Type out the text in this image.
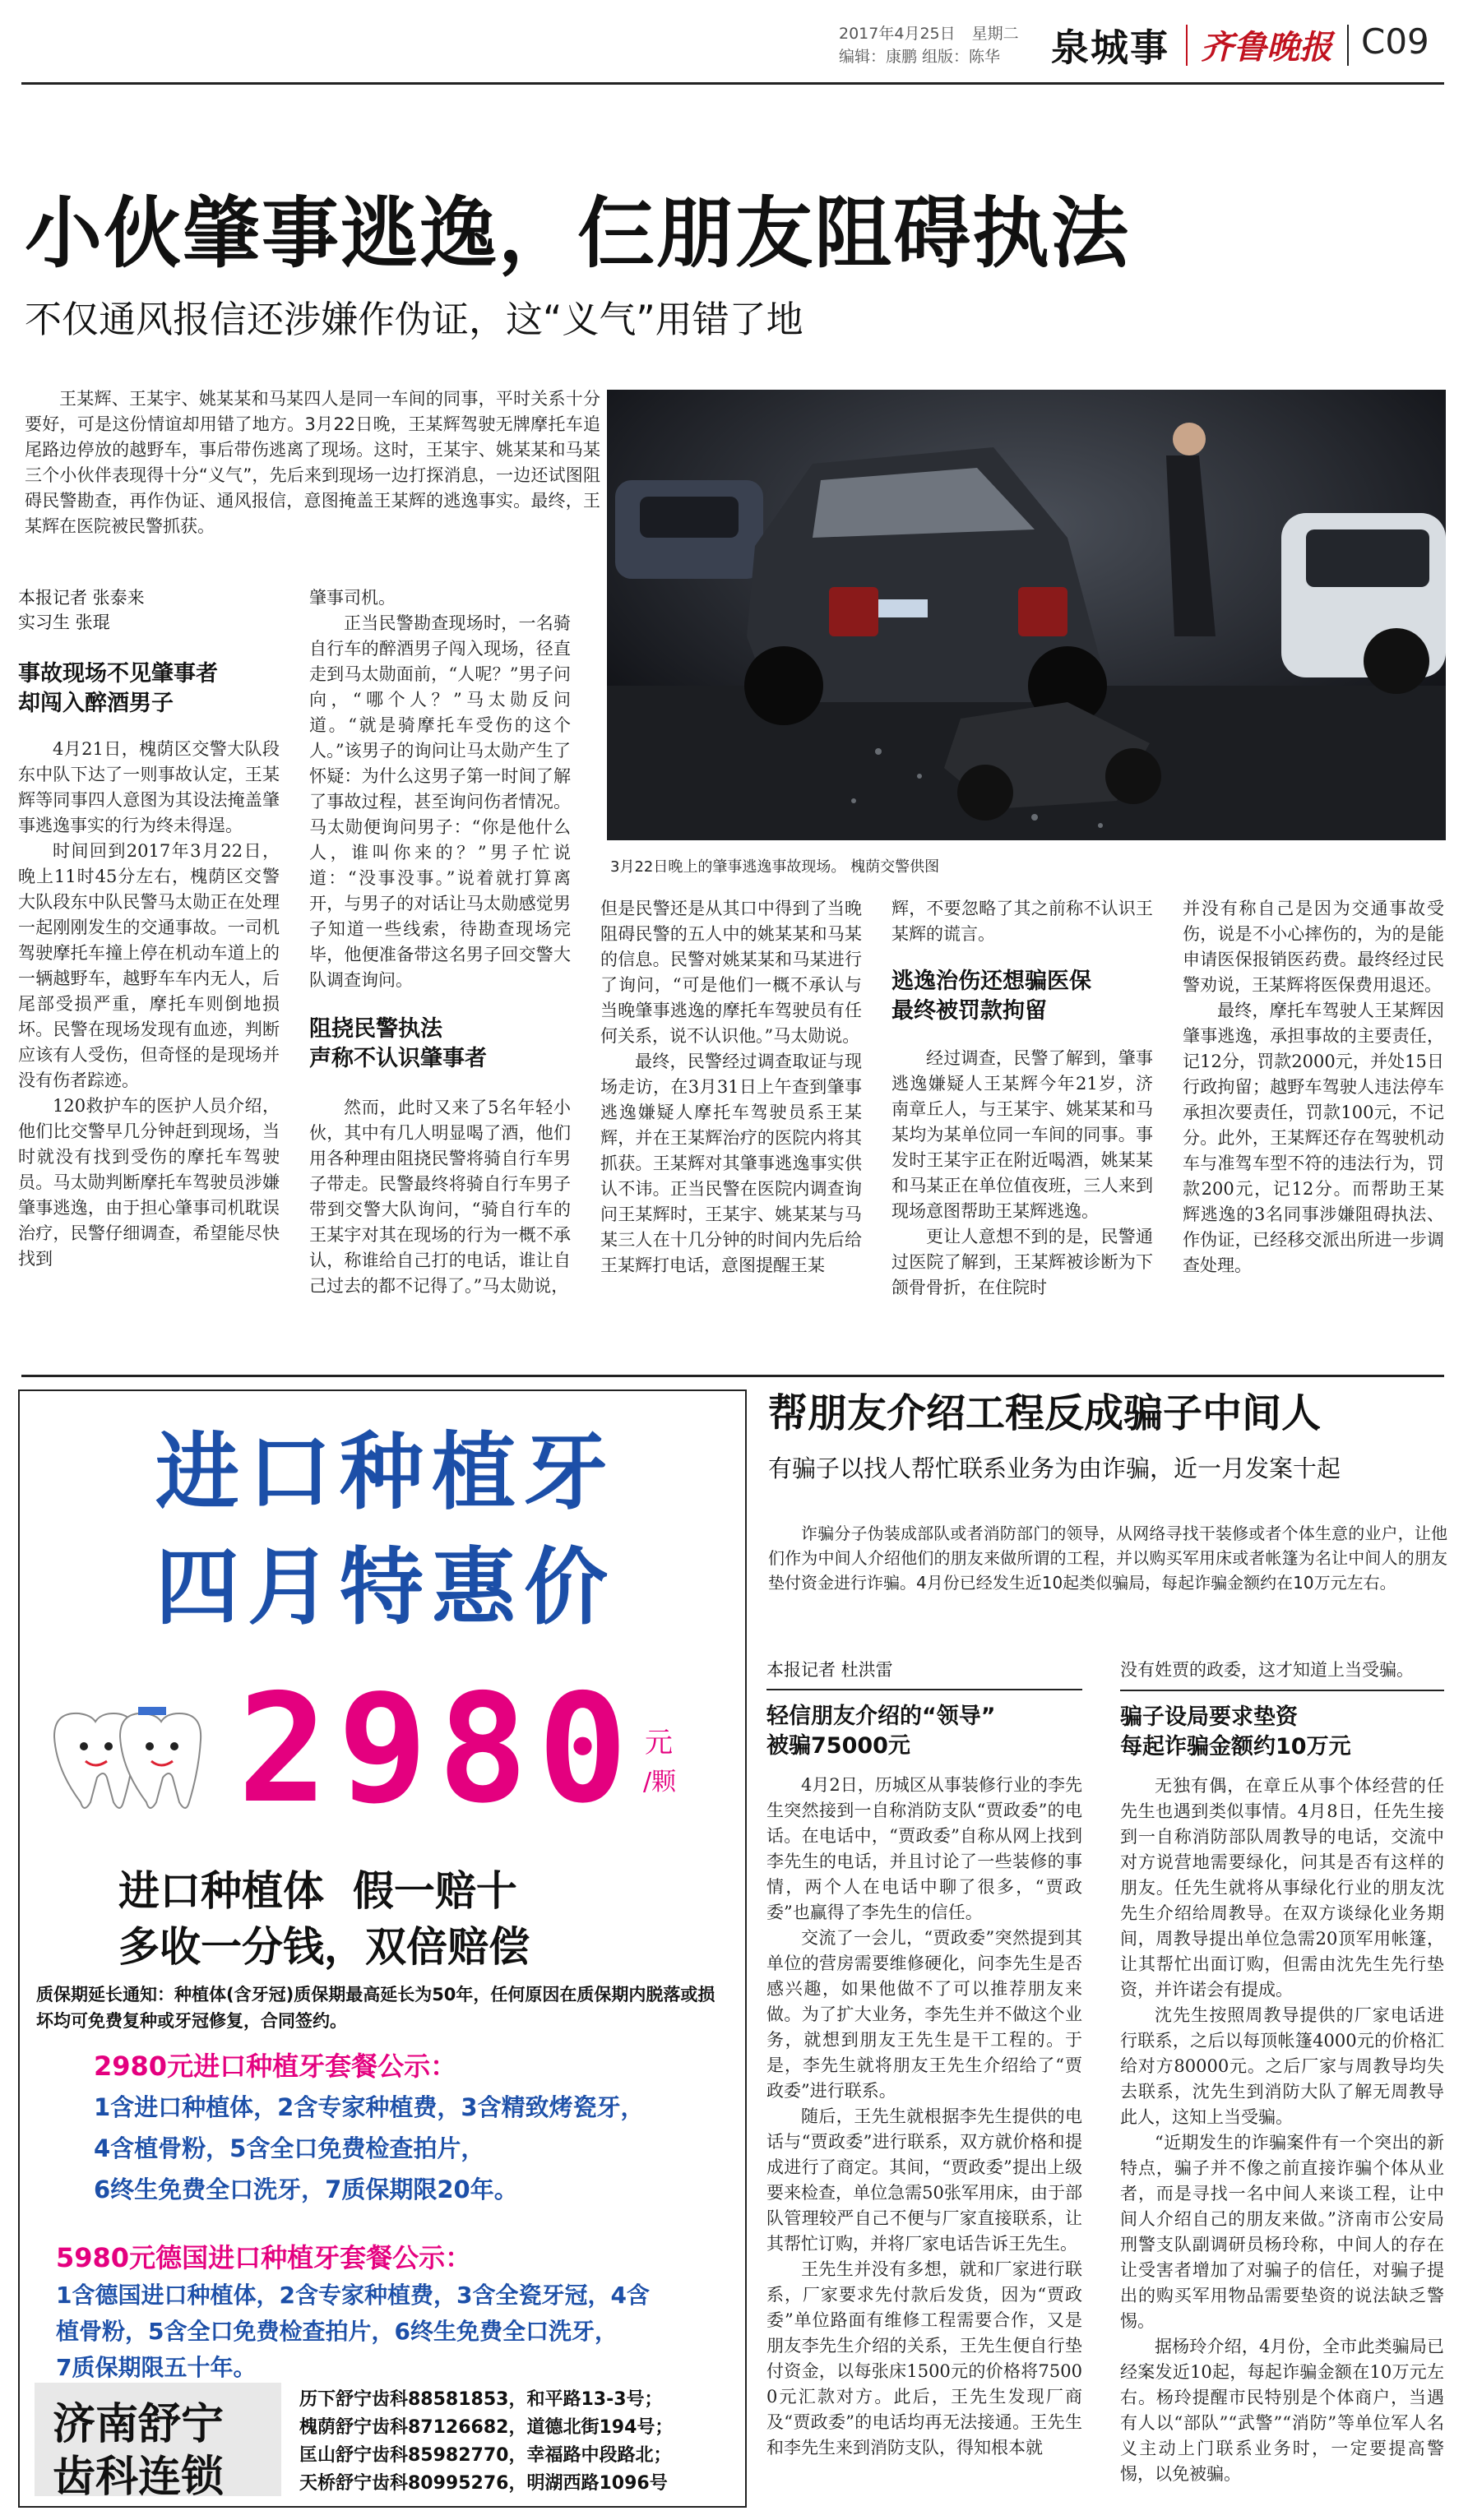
2017年4月25日 星期二
编辑：康鹏 组版：陈华 泉城事 齐鲁晚报 C09
小伙肇事逃逸，仨朋友阻碍执法
不仅通风报信还涉嫌作伪证，这“义气”用错了地

王某辉、王某宇、姚某某和马某四人是同一车间的同事，平时关系十分要好，可是这份情谊却用错了地方。3月22日晚，王某辉驾驶无牌摩托车追尾路边停放的越野车，事后带伤逃离了现场。这时，王某宇、姚某某和马某三个小伙伴表现得十分“义气”，先后来到现场一边打探消息，一边还试图阻碍民警勘查，再作伪证、通风报信，意图掩盖王某辉的逃逸事实。最终，王某辉在医院被民警抓获。

3月22日晚上的肇事逃逸事故现场。 槐荫交警供图

本报记者 张泰来

实习生 张琨

事故现场不见肇事者
却闯入醉酒男子

4月21日，槐荫区交警大队段东中队下达了一则事故认定，王某辉等同事四人意图为其设法掩盖肇事逃逸事实的行为终未得逞。

时间回到2017年3月22日，晚上11时45分左右，槐荫区交警大队段东中队民警马太勋正在处理一起刚刚发生的交通事故。一司机驾驶摩托车撞上停在机动车道上的一辆越野车，越野车车内无人，后尾部受损严重，摩托车则倒地损坏。民警在现场发现有血迹，判断应该有人受伤，但奇怪的是现场并没有伤者踪迹。

120救护车的医护人员介绍，他们比交警早几分钟赶到现场，当时就没有找到受伤的摩托车驾驶员。马太勋判断摩托车驾驶员涉嫌肇事逃逸，由于担心肇事司机耽误治疗，民警仔细调查，希望能尽快找到

肇事司机。

正当民警勘查现场时，一名骑自行车的醉酒男子闯入现场，径直走到马太勋面前，“人呢？”男子问向，“哪个人？”马太勋反问道。“就是骑摩托车受伤的这个人。”该男子的询问让马太勋产生了怀疑：为什么这男子第一时间了解了事故过程，甚至询问伤者情况。马太勋便询问男子：“你是他什么人，谁叫你来的？”男子忙说道：“没事没事。”说着就打算离开，与男子的对话让马太勋感觉男子知道一些线索，待勘查现场完毕，他便准备带这名男子回交警大队调查询问。

阻挠民警执法
声称不认识肇事者

然而，此时又来了5名年轻小伙，其中有几人明显喝了酒，他们用各种理由阻挠民警将骑自行车男子带走。民警最终将骑自行车男子带到交警大队询问，“骑自行车的王某宇对其在现场的行为一概不承认，称谁给自己打的电话，谁让自己过去的都不记得了。”马太勋说，

但是民警还是从其口中得到了当晚阻碍民警的五人中的姚某某和马某的信息。民警对姚某某和马某进行了询问，“可是他们一概不承认与当晚肇事逃逸的摩托车驾驶员有任何关系，说不认识他。”马太勋说。

最终，民警经过调查取证与现场走访，在3月31日上午查到肇事逃逸嫌疑人摩托车驾驶员系王某辉，并在王某辉治疗的医院内将其抓获。王某辉对其肇事逃逸事实供认不讳。正当民警在医院内调查询问王某辉时，王某宇、姚某某与马某三人在十几分钟的时间内先后给王某辉打电话，意图提醒王某

辉，不要忽略了其之前称不认识王某辉的谎言。

逃逸治伤还想骗医保
最终被罚款拘留

经过调查，民警了解到，肇事逃逸嫌疑人王某辉今年21岁，济南章丘人，与王某宇、姚某某和马某均为某单位同一车间的同事。事发时王某宇正在附近喝酒，姚某某和马某正在单位值夜班，三人来到现场意图帮助王某辉逃逸。

更让人意想不到的是，民警通过医院了解到，王某辉被诊断为下颌骨骨折，在住院时

并没有称自己是因为交通事故受伤，说是不小心摔伤的，为的是能申请医保报销医药费。最终经过民警劝说，王某辉将医保费用退还。

最终，摩托车驾驶人王某辉因肇事逃逸，承担事故的主要责任，记12分，罚款2000元，并处15日行政拘留；越野车驾驶人违法停车承担次要责任，罚款100元，不记分。此外，王某辉还存在驾驶机动车与准驾车型不符的违法行为，罚款200元，记12分。而帮助王某辉逃逸的3名同事涉嫌阻碍执法、作伪证，已经移交派出所进一步调查处理。

进口种植牙
四月特惠价
2980 元
/颗
进口种植体  假一赔十
多收一分钱，双倍赔偿
质保期延长通知：种植体(含牙冠)质保期最高延长为50年，任何原因在质保期内脱落或损坏均可免费复种或牙冠修复，合同签约。
2980元进口种植牙套餐公示：
1含进口种植体，2含专家种植费，3含精致烤瓷牙，
4含植骨粉，5含全口免费检查拍片，
6终生免费全口洗牙，7质保期限20年。
5980元德国进口种植牙套餐公示：
1含德国进口种植体，2含专家种植费，3含全瓷牙冠，4含
植骨粉，5含全口免费检查拍片，6终生免费全口洗牙，
7质保期限五十年。
济南舒宁
齿科连锁
历下舒宁齿科88581853，和平路13-3号；
槐荫舒宁齿科87126682，道德北街194号；
匡山舒宁齿科85982770，幸福路中段路北；
天桥舒宁齿科80995276，明湖西路1096号
帮朋友介绍工程反成骗子中间人
有骗子以找人帮忙联系业务为由诈骗，近一月发案十起

诈骗分子伪装成部队或者消防部门的领导，从网络寻找干装修或者个体生意的业户，让他们作为中间人介绍他们的朋友来做所谓的工程，并以购买军用床或者帐篷为名让中间人的朋友垫付资金进行诈骗。4月份已经发生近10起类似骗局，每起诈骗金额约在10万元左右。

本报记者 杜洪雷

轻信朋友介绍的“领导”
被骗75000元

4月2日，历城区从事装修行业的李先生突然接到一自称消防支队“贾政委”的电话。在电话中，“贾政委”自称从网上找到李先生的电话，并且讨论了一些装修的事情，两个人在电话中聊了很多，“贾政委”也赢得了李先生的信任。

交流了一会儿，“贾政委”突然提到其单位的营房需要维修硬化，问李先生是否感兴趣，如果他做不了可以推荐朋友来做。为了扩大业务，李先生并不做这个业务，就想到朋友王先生是干工程的。于是，李先生就将朋友王先生介绍给了“贾政委”进行联系。

随后，王先生就根据李先生提供的电话与“贾政委”进行联系，双方就价格和提成进行了商定。其间，“贾政委”提出上级要来检查，单位急需50张军用床，由于部队管理较严自己不便与厂家直接联系，让其帮忙订购，并将厂家电话告诉王先生。

王先生并没有多想，就和厂家进行联系，厂家要求先付款后发货，因为“贾政委”单位路面有维修工程需要合作，又是朋友李先生介绍的关系，王先生便自行垫付资金，以每张床1500元的价格将75000元汇款对方。此后，王先生发现厂商及“贾政委”的电话均再无法接通。王先生和李先生来到消防支队，得知根本就

没有姓贾的政委，这才知道上当受骗。

骗子设局要求垫资
每起诈骗金额约10万元

无独有偶，在章丘从事个体经营的任先生也遇到类似事情。4月8日，任先生接到一自称消防部队周教导的电话，交流中对方说营地需要绿化，问其是否有这样的朋友。任先生就将从事绿化行业的朋友沈先生介绍给周教导。在双方谈绿化业务期间，周教导提出单位急需20顶军用帐篷，让其帮忙出面订购，但需由沈先生先行垫资，并许诺会有提成。

沈先生按照周教导提供的厂家电话进行联系，之后以每顶帐篷4000元的价格汇给对方80000元。之后厂家与周教导均失去联系，沈先生到消防大队了解无周教导此人，这知上当受骗。

“近期发生的诈骗案件有一个突出的新特点，骗子并不像之前直接诈骗个体从业者，而是寻找一名中间人来谈工程，让中间人介绍自己的朋友来做。”济南市公安局刑警支队副调研员杨玲称，中间人的存在让受害者增加了对骗子的信任，对骗子提出的购买军用物品需要垫资的说法缺乏警惕。

据杨玲介绍，4月份，全市此类骗局已经案发近10起，每起诈骗金额在10万元左右。杨玲提醒市民特别是个体商户，当遇有人以“部队”“武警”“消防”等单位军人名义主动上门联系业务时，一定要提高警惕，以免被骗。
